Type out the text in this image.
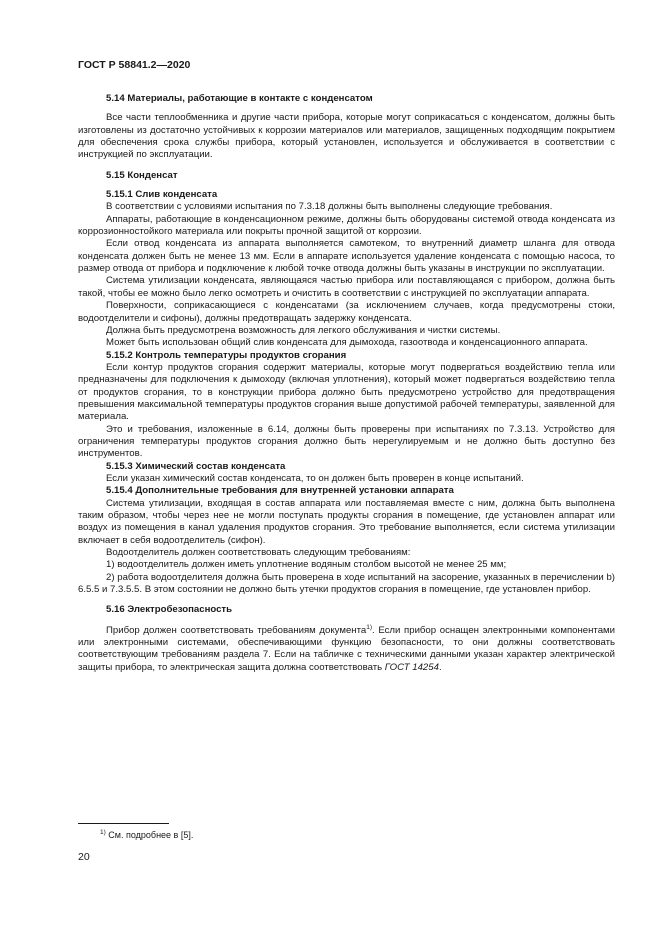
ГОСТ Р 58841.2—2020

5.14 Материалы, работающие в контакте с конденсатом

Все части теплообменника и другие части прибора, которые могут соприкасаться с конденсатом, должны быть изготовлены из достаточно устойчивых к коррозии материалов или материалов, защищенных подходящим покрытием для обеспечения срока службы прибора, который установлен, используется и обслуживается в соответствии с инструкцией по эксплуатации.

5.15 Конденсат

5.15.1 Слив конденсата

В соответствии с условиями испытания по 7.3.18 должны быть выполнены следующие требования.

Аппараты, работающие в конденсационном режиме, должны быть оборудованы системой отвода конденсата из коррозионностойкого материала или покрыты прочной защитой от коррозии.

Если отвод конденсата из аппарата выполняется самотеком, то внутренний диаметр шланга для отвода конденсата должен быть не менее 13 мм. Если в аппарате используется удаление конденсата с помощью насоса, то размер отвода от прибора и подключение к любой точке отвода должны быть указаны в инструкции по эксплуатации.

Система утилизации конденсата, являющаяся частью прибора или поставляющаяся с прибором, должна быть такой, чтобы ее можно было легко осмотреть и очистить в соответствии с инструкцией по эксплуатации аппарата.

Поверхности, соприкасающиеся с конденсатами (за исключением случаев, когда предусмотрены стоки, водоотделители и сифоны), должны предотвращать задержку конденсата.

Должна быть предусмотрена возможность для легкого обслуживания и чистки системы.

Может быть использован общий слив конденсата для дымохода, газоотвода и конденсационного аппарата.

5.15.2 Контроль температуры продуктов сгорания

Если контур продуктов сгорания содержит материалы, которые могут подвергаться воздействию тепла или предназначены для подключения к дымоходу (включая уплотнения), который может подвергаться воздействию тепла от продуктов сгорания, то в конструкции прибора должно быть предусмотрено устройство для предотвращения превышения максимальной температуры продуктов сгорания выше допустимой рабочей температуры, заявленной для материала.

Это и требования, изложенные в 6.14, должны быть проверены при испытаниях по 7.3.13. Устройство для ограничения температуры продуктов сгорания должно быть нерегулируемым и не должно быть доступно без инструментов.

5.15.3 Химический состав конденсата

Если указан химический состав конденсата, то он должен быть проверен в конце испытаний.

5.15.4 Дополнительные требования для внутренней установки аппарата

Система утилизации, входящая в состав аппарата или поставляемая вместе с ним, должна быть выполнена таким образом, чтобы через нее не могли поступать продукты сгорания в помещение, где установлен аппарат или воздух из помещения в канал удаления продуктов сгорания. Это требование выполняется, если система утилизации включает в себя водоотделитель (сифон).

Водоотделитель должен соответствовать следующим требованиям:

1) водоотделитель должен иметь уплотнение водяным столбом высотой не менее 25 мм;

2) работа водоотделителя должна быть проверена в ходе испытаний на засорение, указанных в перечислении b) 6.5.5 и 7.3.5.5. В этом состоянии не должно быть утечки продуктов сгорания в помещение, где установлен прибор.

5.16 Электробезопасность

Прибор должен соответствовать требованиям документа$^{1)}$. Если прибор оснащен электронными компонентами или электронными системами, обеспечивающими функцию безопасности, то они должны соответствовать соответствующим требованиям раздела 7. Если на табличке с техническими данными указан характер электрической защиты прибора, то электрическая защита должна соответствовать ГОСТ 14254.

$^{1)}$ См. подробнее в [5].
20
